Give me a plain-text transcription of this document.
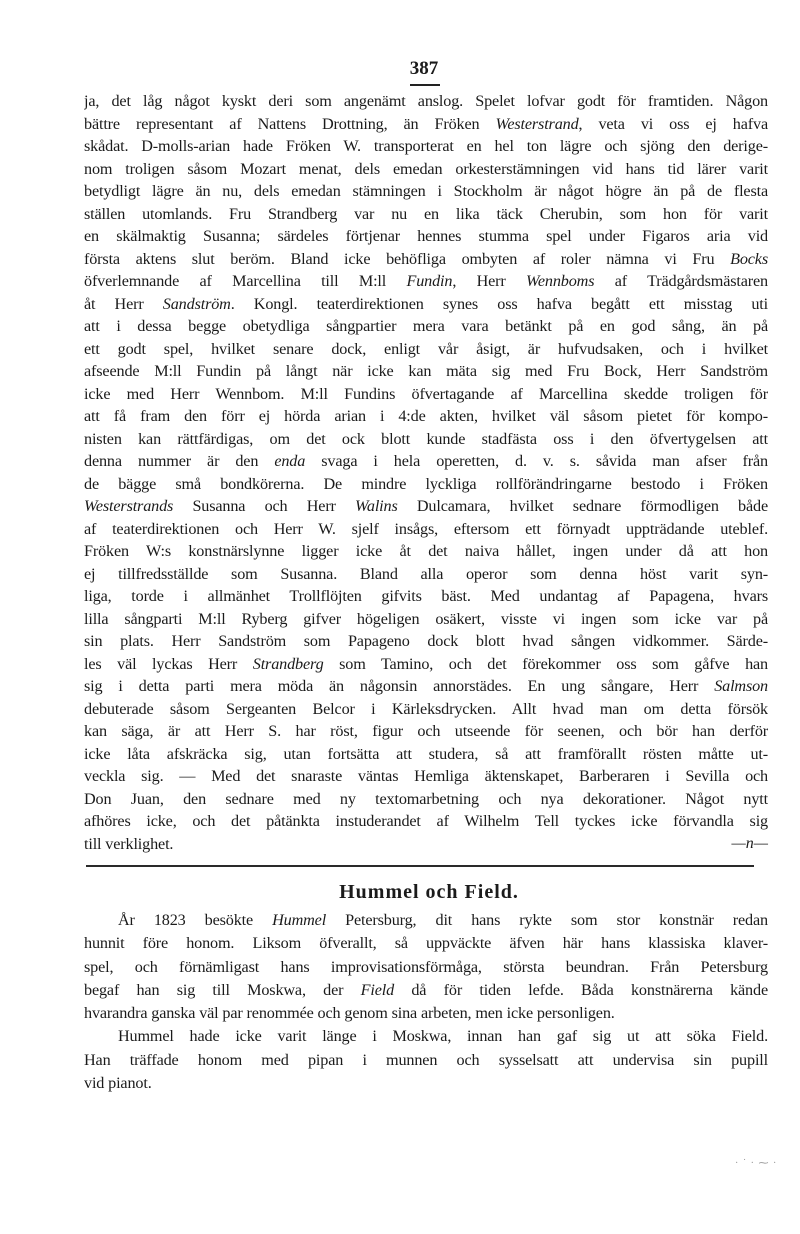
387
ja, det låg något kyskt deri som angenämt anslog. Spelet lofvar godt för framtiden. Någon
bättre representant af Nattens Drottning, än Fröken Westerstrand, veta vi oss ej hafva
skådat. D-molls-arian hade Fröken W. transporterat en hel ton lägre och sjöng den derige-
nom troligen såsom Mozart menat, dels emedan orkesterstämningen vid hans tid lärer varit
betydligt lägre än nu, dels emedan stämningen i Stockholm är något högre än på de flesta
ställen utomlands. Fru Strandberg var nu en lika täck Cherubin, som hon för varit
en skälmaktig Susanna; särdeles förtjenar hennes stumma spel under Figaros aria vid
första aktens slut beröm. Bland icke behöfliga ombyten af roler nämna vi Fru Bocks
öfverlemnande af Marcellina till M:ll Fundin, Herr Wennboms af Trädgårdsmästaren
åt Herr Sandström. Kongl. teaterdirektionen synes oss hafva begått ett misstag uti
att i dessa begge obetydliga sångpartier mera vara betänkt på en god sång, än på
ett godt spel, hvilket senare dock, enligt vår åsigt, är hufvudsaken, och i hvilket
afseende M:ll Fundin på långt när icke kan mäta sig med Fru Bock, Herr Sandström
icke med Herr Wennbom. M:ll Fundins öfvertagande af Marcellina skedde troligen för
att få fram den förr ej hörda arian i 4:de akten, hvilket väl såsom pietet för kompo-
nisten kan rättfärdigas, om det ock blott kunde stadfästa oss i den öfvertygelsen att
denna nummer är den enda svaga i hela operetten, d. v. s. såvida man afser från
de bägge små bondkörerna. De mindre lyckliga rollförändringarne bestodo i Fröken
Westerstrands Susanna och Herr Walins Dulcamara, hvilket sednare förmodligen både
af teaterdirektionen och Herr W. sjelf insågs, eftersom ett förnyadt uppträdande uteblef.
Fröken W:s konstnärslynne ligger icke åt det naiva hållet, ingen under då att hon
ej tillfredsställde som Susanna. Bland alla operor som denna höst varit syn-
liga, torde i allmänhet Trollflöjten gifvits bäst. Med undantag af Papagena, hvars
lilla sångparti M:ll Ryberg gifver högeligen osäkert, visste vi ingen som icke var på
sin plats. Herr Sandström som Papageno dock blott hvad sången vidkommer. Särde-
les väl lyckas Herr Strandberg som Tamino, och det förekommer oss som gåfve han
sig i detta parti mera möda än någonsin annorstädes. En ung sångare, Herr Salmson
debuterade såsom Sergeanten Belcor i Kärleksdrycken. Allt hvad man om detta försök
kan säga, är att Herr S. har röst, figur och utseende för seenen, och bör han derför
icke låta afskräcka sig, utan fortsätta att studera, så att framförallt rösten måtte ut-
veckla sig. — Med det snaraste väntas Hemliga äktenskapet, Barberaren i Sevilla och
Don Juan, den sednare med ny textomarbetning och nya dekorationer. Något nytt
afhöres icke, och det påtänkta instuderandet af Wilhelm Tell tyckes icke förvandla sig
till verklighet.	—n—
Hummel och Field.
År 1823 besökte Hummel Petersburg, dit hans rykte som stor konstnär redan
hunnit före honom. Liksom öfverallt, så uppväckte äfven här hans klassiska klaver-
spel, och förnämligast hans improvisationsförmåga, största beundran. Från Petersburg
begaf han sig till Moskwa, der Field då för tiden lefde. Båda konstnärerna kände
hvarandra ganska väl par renommée och genom sina arbeten, men icke personligen.
Hummel hade icke varit länge i Moskwa, innan han gaf sig ut att söka Field.
Han träffade honom med pipan i munnen och sysselsatt att undervisa sin pupill
vid pianot.
· ˙ · ⁓ ·
